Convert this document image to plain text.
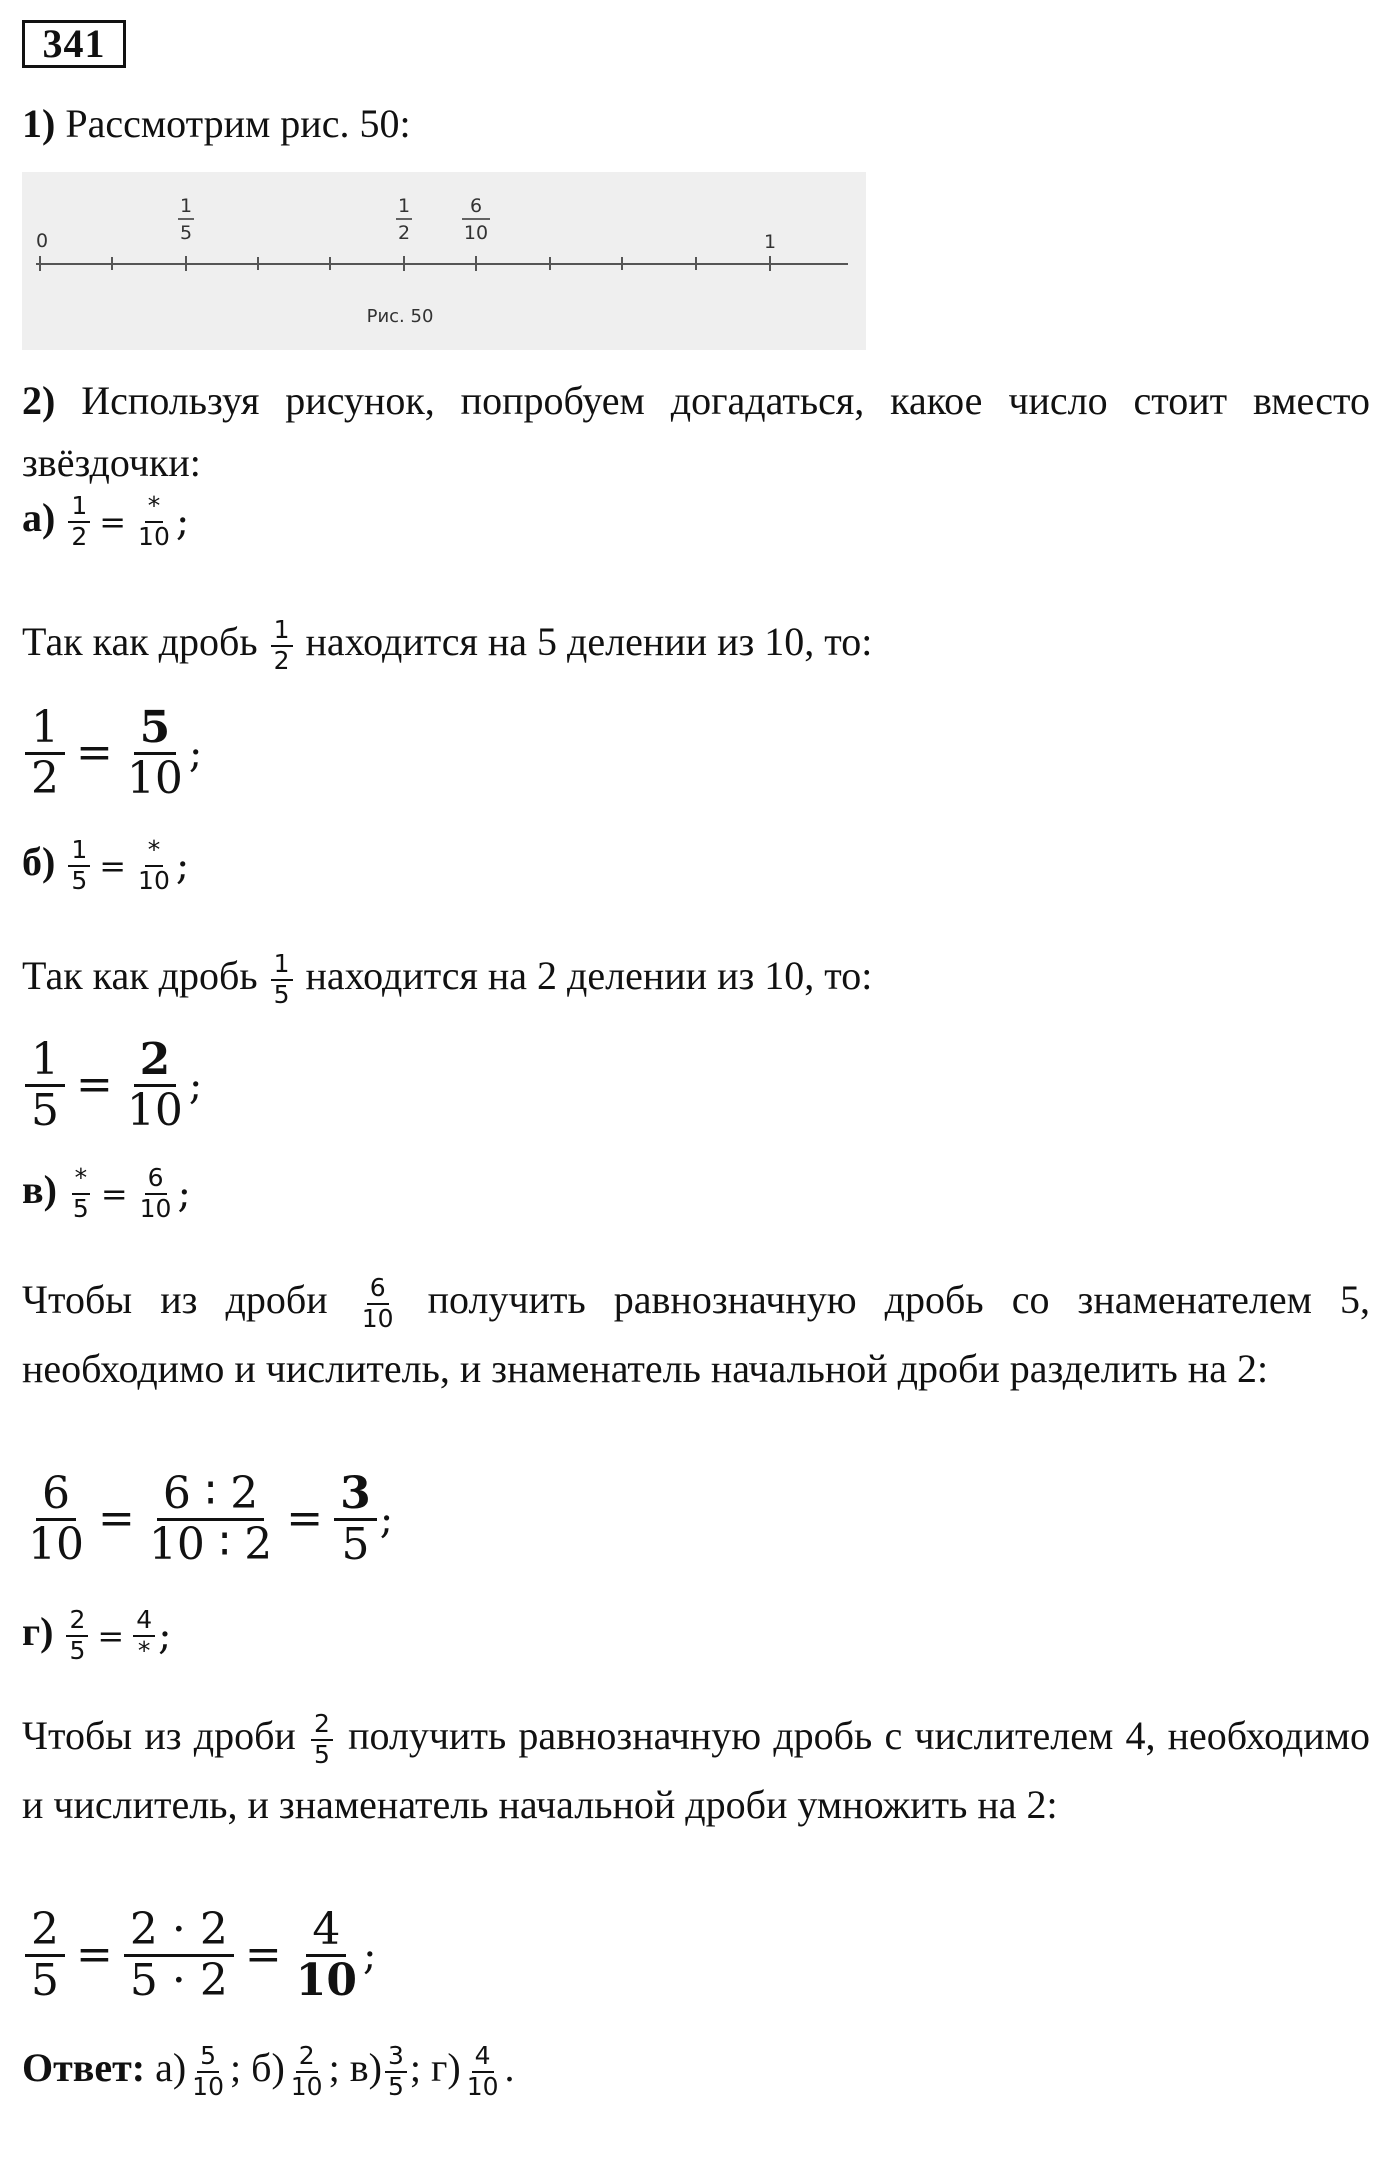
341
1) Рассмотрим рис. 50:
0
1
5
1
2
6
10	1
Рис. 50
2) Используя рисунок, попробуем догадаться, какое число стоит вместо звёздочки:
$а) \frac{1}{2} = \frac{*}{10}$ ;
Так как дробь $\frac{1}{2}$ находится на 5 делении из 10, то:
$\frac{1}{2} = \frac{5}{10}$ ;
$б) \frac{1}{5} = \frac{*}{10}$ ;
Так как дробь $\frac{1}{5}$ находится на 2 делении из 10, то:
$\frac{1}{5} = \frac{2}{10}$ ;
$в) \frac{*}{5} = \frac{6}{10}$ ;
Чтобы из дроби $\frac{6}{10}$ получить равнозначную дробь со знаменателем 5, необходимо и числитель, и знаменатель начальной дроби разделить на 2:
$\frac{6}{10} = \frac{6 ∶ 2}{10 ∶ 2} = \frac{3}{5}$ ;
$г) \frac{2}{5} = \frac{4}{*}$ ;
Чтобы из дроби $\frac{2}{5}$ получить равнозначную дробь с числителем 4, необходимо и числитель, и знаменатель начальной дроби умножить на 2:
$\frac{2}{5} = \frac{2 \cdot 2}{5 \cdot 2} = \frac{4}{10}$ ;
Ответ: $а) \frac{5}{10}$ ; $б) \frac{2}{10}$ ; $в) \frac{3}{5}$ ; $г) \frac{4}{10}$ .
